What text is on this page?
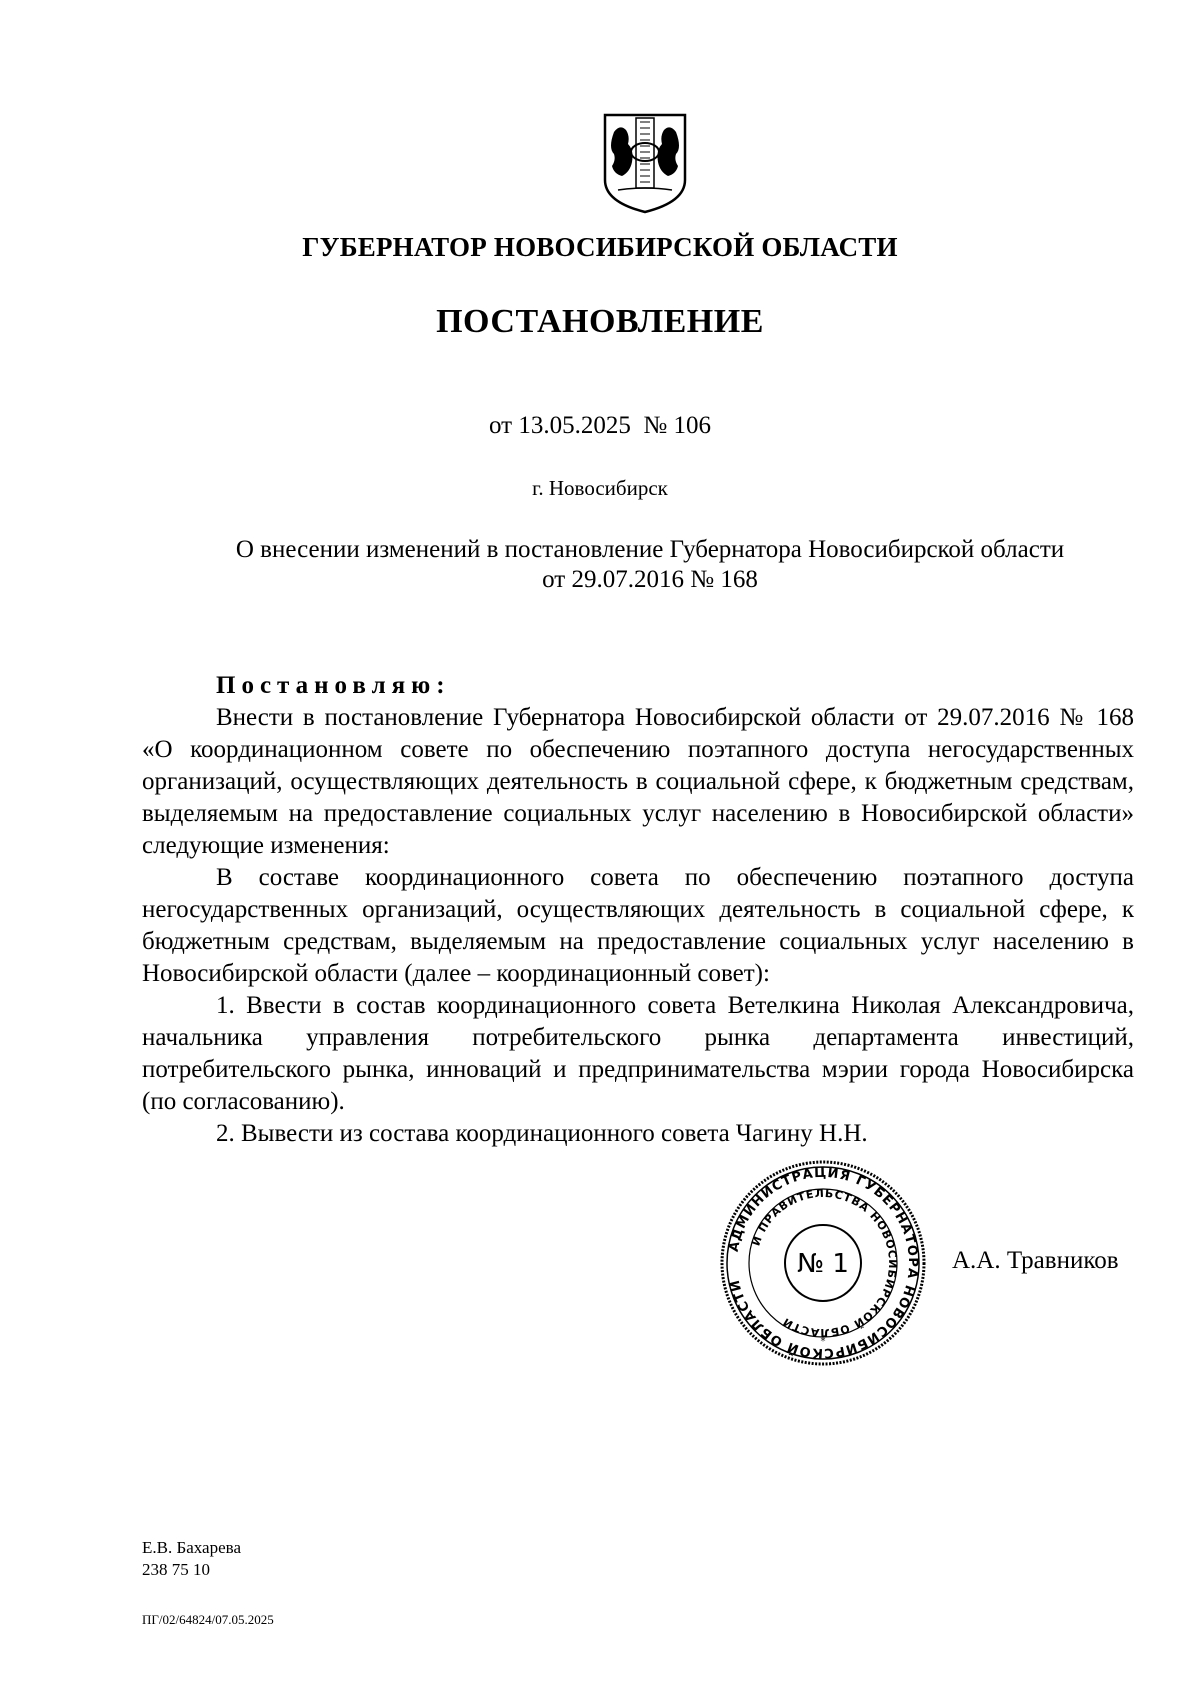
ГУБЕРНАТОР НОВОСИБИРСКОЙ ОБЛАСТИ
ПОСТАНОВЛЕНИЕ
от 13.05.2025  № 106
г. Новосибирск
О внесении изменений в постановление Губернатора Новосибирской области
от 29.07.2016 № 168

Постановляю:

Внести в постановление Губернатора Новосибирской области от 29.07.2016 № 168 «О координационном совете по обеспечению поэтапного доступа негосударственных организаций, осуществляющих деятельность в социальной сфере, к бюджетным средствам, выделяемым на предоставление социальных услуг населению в Новосибирской области» следующие изменения:

В составе координационного совета по обеспечению поэтапного доступа негосударственных организаций, осуществляющих деятельность в социальной сфере, к бюджетным средствам, выделяемым на предоставление социальных услуг населению в Новосибирской области (далее – координационный совет):

1. Ввести в состав координационного совета Ветелкина Николая Александровича, начальника управления потребительского рынка департамента инвестиций, потребительского рынка, инноваций и предпринимательства мэрии города Новосибирска (по согласованию).

2. Вывести из состава координационного совета Чагину Н.Н.

АДМИНИСТРАЦИЯ ГУБЕРНАТОРА НОВОСИБИРСКОЙ ОБЛАСТИ
И ПРАВИТЕЛЬСТВА НОВОСИБИРСКОЙ ОБЛАСТИ
№ 1
*
А.А. Травников
Е.В. Бахарева
238 75 10
ПГ/02/64824/07.05.2025
